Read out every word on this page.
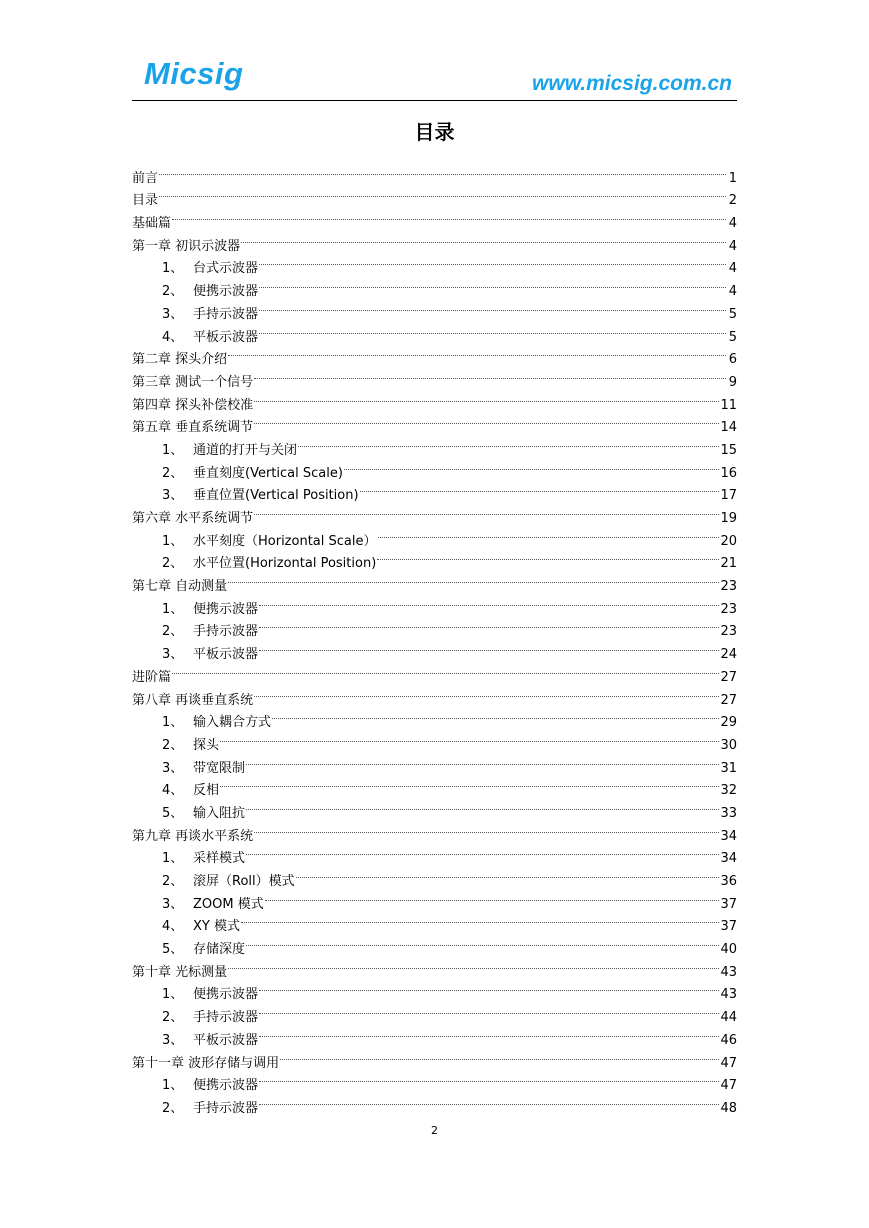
Micsig	www.micsig.com.cn
目录
前言	1
目录	2
基础篇	4
第一章 初识示波器	4
1、 台式示波器	4
2、 便携示波器	4
3、 手持示波器	5
4、 平板示波器	5
第二章 探头介绍	6
第三章 测试一个信号	9
第四章 探头补偿校准	11
第五章 垂直系统调节	14
1、 通道的打开与关闭	15
2、 垂直刻度(Vertical Scale)	16
3、 垂直位置(Vertical Position)	17
第六章 水平系统调节	19
1、 水平刻度（Horizontal Scale）	20
2、 水平位置(Horizontal Position)	21
第七章 自动测量	23
1、 便携示波器	23
2、 手持示波器	23
3、 平板示波器	24
进阶篇	27
第八章 再谈垂直系统	27
1、 输入耦合方式	29
2、 探头	30
3、 带宽限制	31
4、 反相	32
5、 输入阻抗	33
第九章 再谈水平系统	34
1、 采样模式	34
2、 滚屏（Roll）模式	36
3、 ZOOM 模式	37
4、 XY 模式	37
5、 存储深度	40
第十章 光标测量	43
1、 便携示波器	43
2、 手持示波器	44
3、 平板示波器	46
第十一章 波形存储与调用	47
1、 便携示波器	47
2、 手持示波器	48
2
